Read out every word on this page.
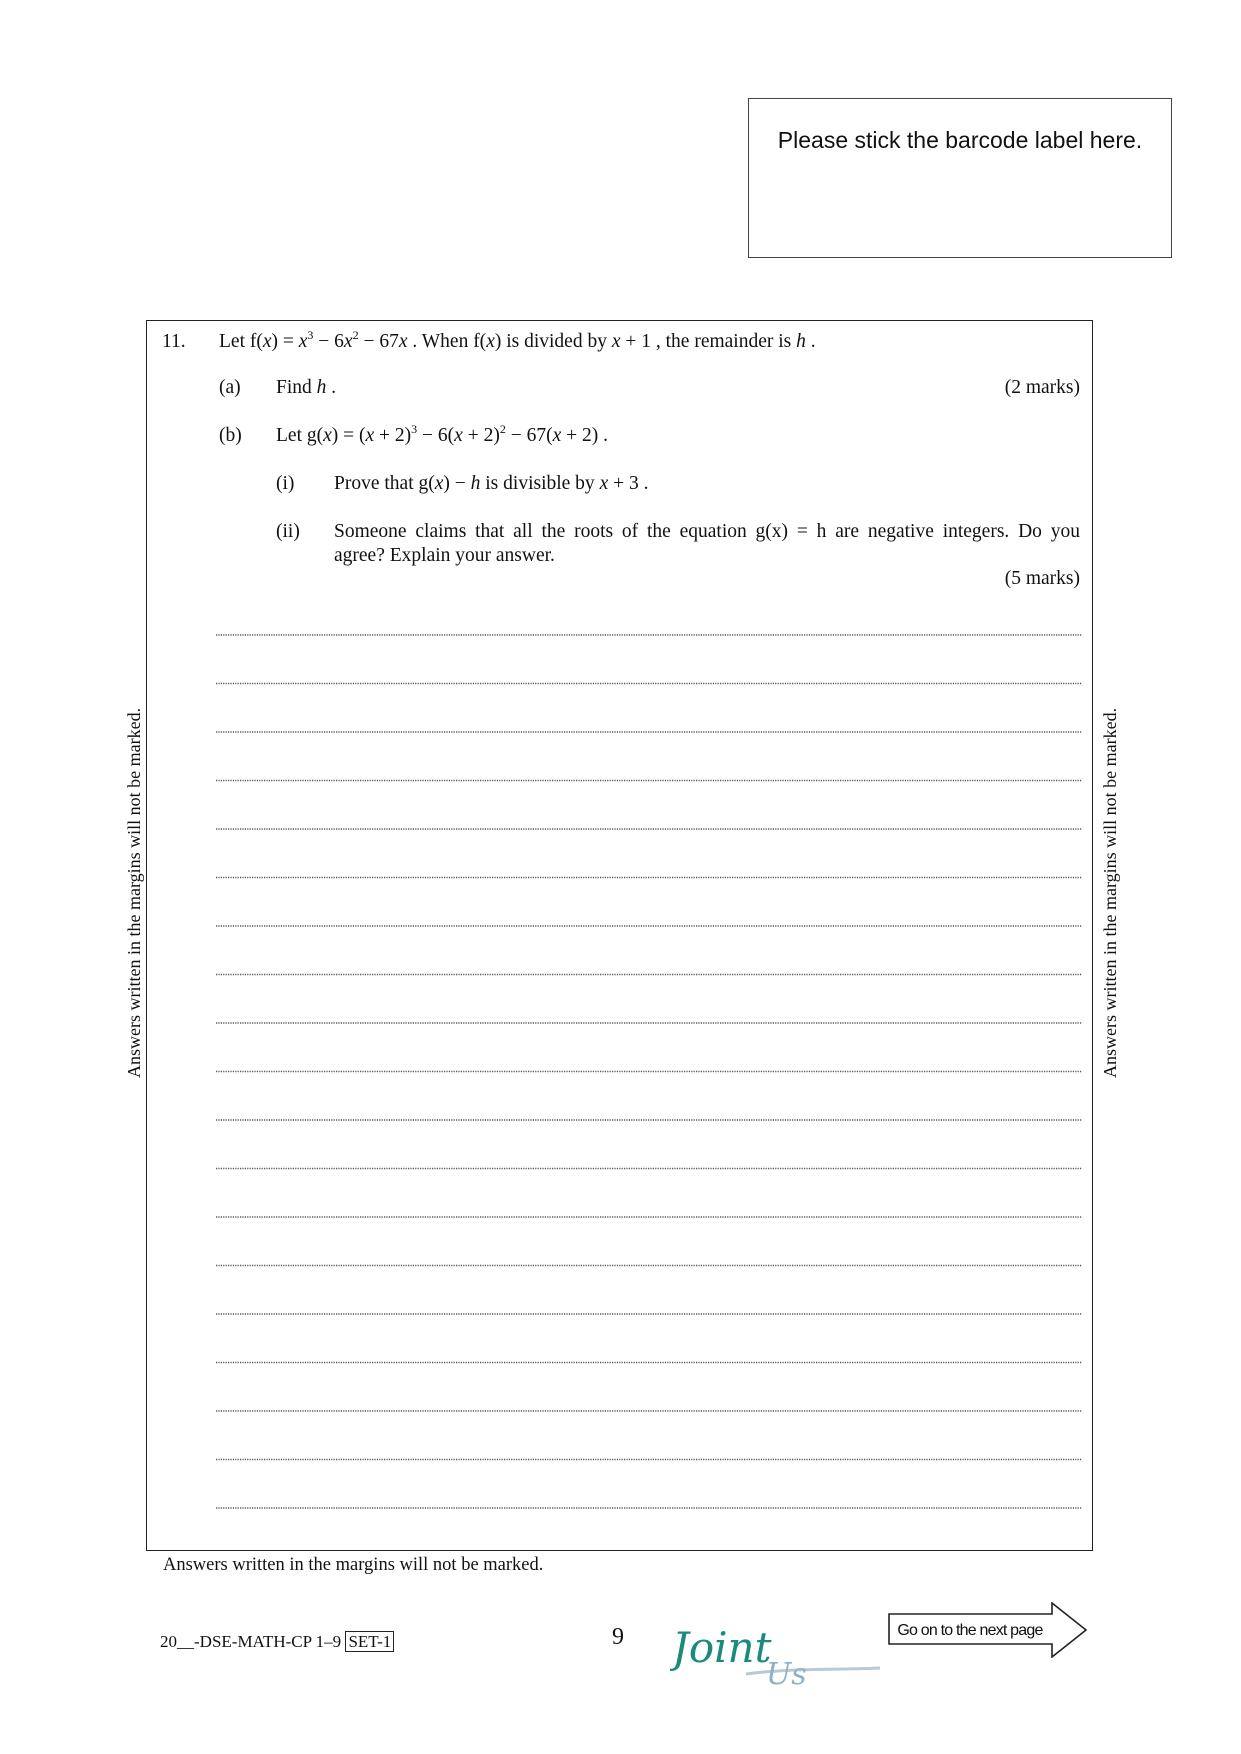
Please stick the barcode label here.
11. Let $f(x) = x^3 - 6x^2 - 67x$ . When f(x) is divided by x + 1 , the remainder is h .
(a) Find h .	(2 marks)
(b) Let $g(x) = (x + 2)^3 - 6(x + 2)^2 - 67(x + 2)$ .
(i) Prove that g(x) − h is divisible by x + 3 .
(ii) Someone claims that all the roots of the equation g(x) = h are negative integers. Do you
agree? Explain your answer.
(5 marks)
Answers written in the margins will not be marked.	Answers written in the margins will not be marked.
Answers written in the margins will not be marked.
20__-DSE-MATH-CP 1–9 SET-1	9 Joint
Us
Go on to the next page
